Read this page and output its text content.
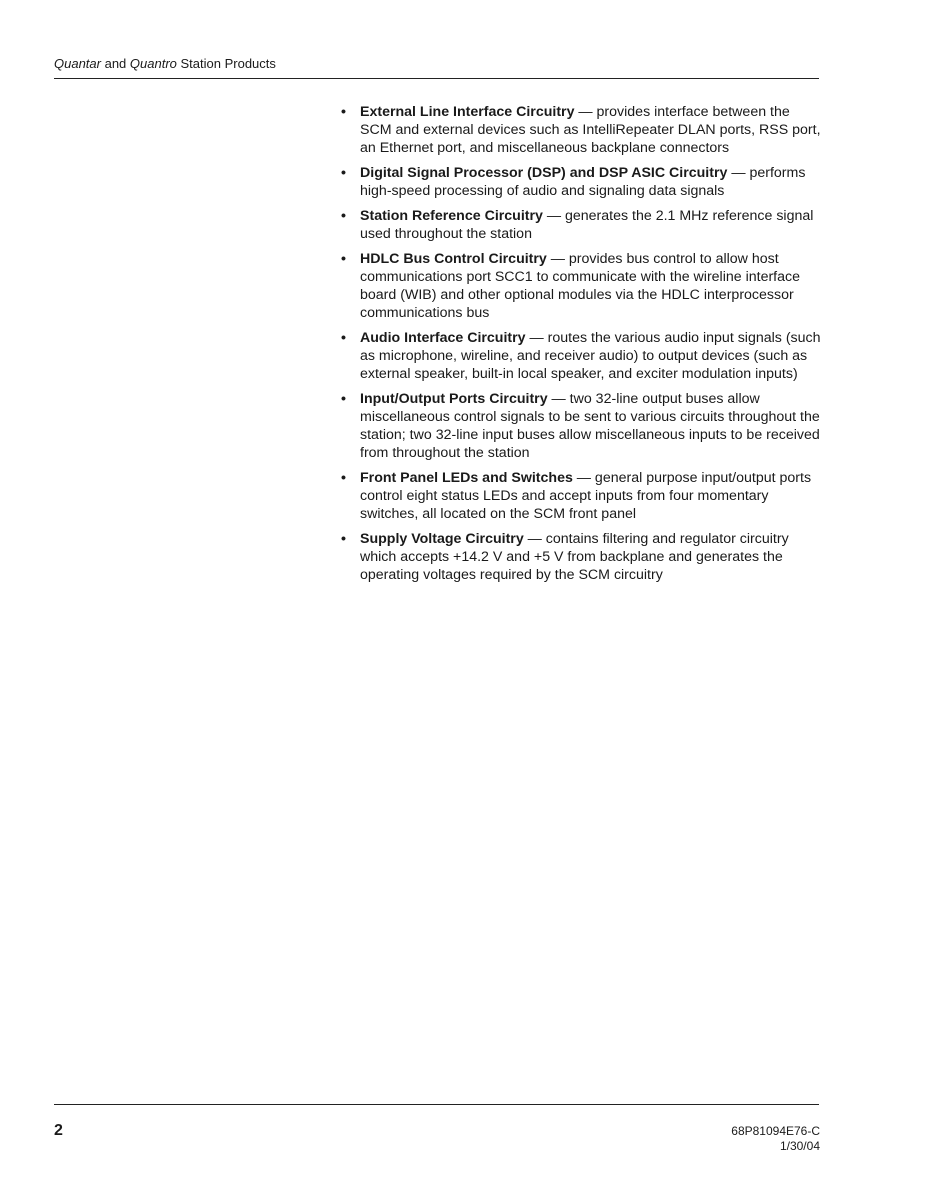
Quantar and Quantro Station Products
• External Line Interface Circuitry — provides interface between the SCM and external devices such as IntelliRepeater DLAN ports, RSS port, an Ethernet port, and miscellaneous backplane connectors
• Digital Signal Processor (DSP) and DSP ASIC Circuitry — performs high-speed processing of audio and signaling data signals
• Station Reference Circuitry — generates the 2.1 MHz reference signal used throughout the station
• HDLC Bus Control Circuitry — provides bus control to allow host communications port SCC1 to communicate with the wireline interface board (WIB) and other optional modules via the HDLC interprocessor communications bus
• Audio Interface Circuitry — routes the various audio input signals (such as microphone, wireline, and receiver audio) to output devices (such as external speaker, built-in local speaker, and exciter modulation inputs)
• Input/Output Ports Circuitry — two 32-line output buses allow miscellaneous control signals to be sent to various circuits throughout the station; two 32-line input buses allow miscellaneous inputs to be received from throughout the station
• Front Panel LEDs and Switches — general purpose input/output ports control eight status LEDs and accept inputs from four momentary switches, all located on the SCM front panel
• Supply Voltage Circuitry — contains filtering and regulator circuitry which accepts +14.2 V and +5 V from backplane and generates the operating voltages required by the SCM circuitry
2	68P81094E76-C
1/30/04
